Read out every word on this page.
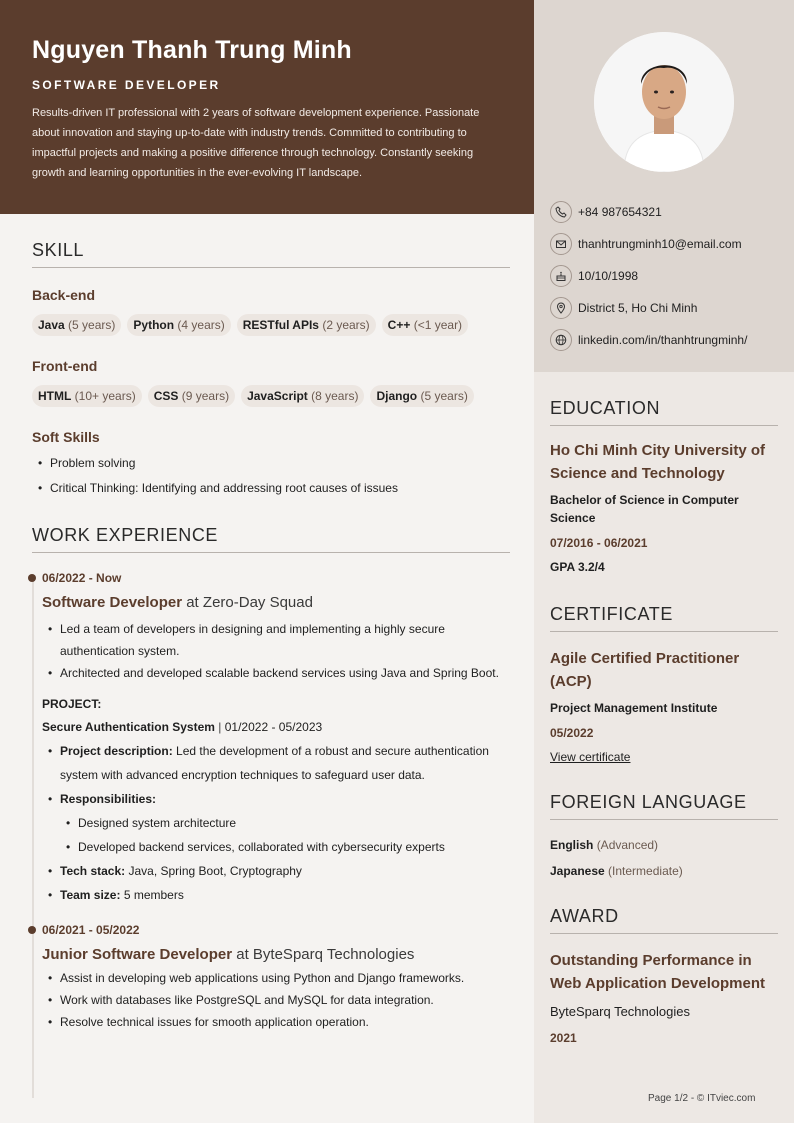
Nguyen Thanh Trung Minh
SOFTWARE DEVELOPER
Results-driven IT professional with 2 years of software development experience. Passionate about innovation and staying up-to-date with industry trends. Committed to contributing to impactful projects and making a positive difference through technology. Constantly seeking growth and learning opportunities in the ever-evolving IT landscape.
SKILL
Back-end
Java (5 years)	Python (4 years)	RESTful APIs (2 years)	C++ (<1 year)
Front-end
HTML (10+ years)	CSS (9 years)	JavaScript (8 years)	Django (5 years)
Soft Skills
• Problem solving
• Critical Thinking: Identifying and addressing root causes of issues
WORK EXPERIENCE
06/2022 - Now
Software Developer at Zero-Day Squad
• Led a team of developers in designing and implementing a highly secure authentication system.
• Architected and developed scalable backend services using Java and Spring Boot.
PROJECT:
Secure Authentication System | 01/2022 - 05/2023
• Project description: Led the development of a robust and secure authentication system with advanced encryption techniques to safeguard user data.
• Responsibilities:
• Designed system architecture
• Developed backend services, collaborated with cybersecurity experts
• Tech stack: Java, Spring Boot, Cryptography
• Team size: 5 members
06/2021 - 05/2022
Junior Software Developer at ByteSparq Technologies
• Assist in developing web applications using Python and Django frameworks.
• Work with databases like PostgreSQL and MySQL for data integration.
• Resolve technical issues for smooth application operation.
+84 987654321
thanhtrungminh10@email.com
10/10/1998
District 5, Ho Chi Minh
linkedin.com/in/thanhtrungminh/
EDUCATION
Ho Chi Minh City University of Science and Technology
Bachelor of Science in Computer Science
07/2016 - 06/2021
GPA 3.2/4
CERTIFICATE
Agile Certified Practitioner (ACP)
Project Management Institute
05/2022
View certificate
FOREIGN LANGUAGE
English (Advanced)
Japanese (Intermediate)
AWARD
Outstanding Performance in Web Application Development
ByteSparq Technologies
2021
Page 1/2 - © ITviec.com
